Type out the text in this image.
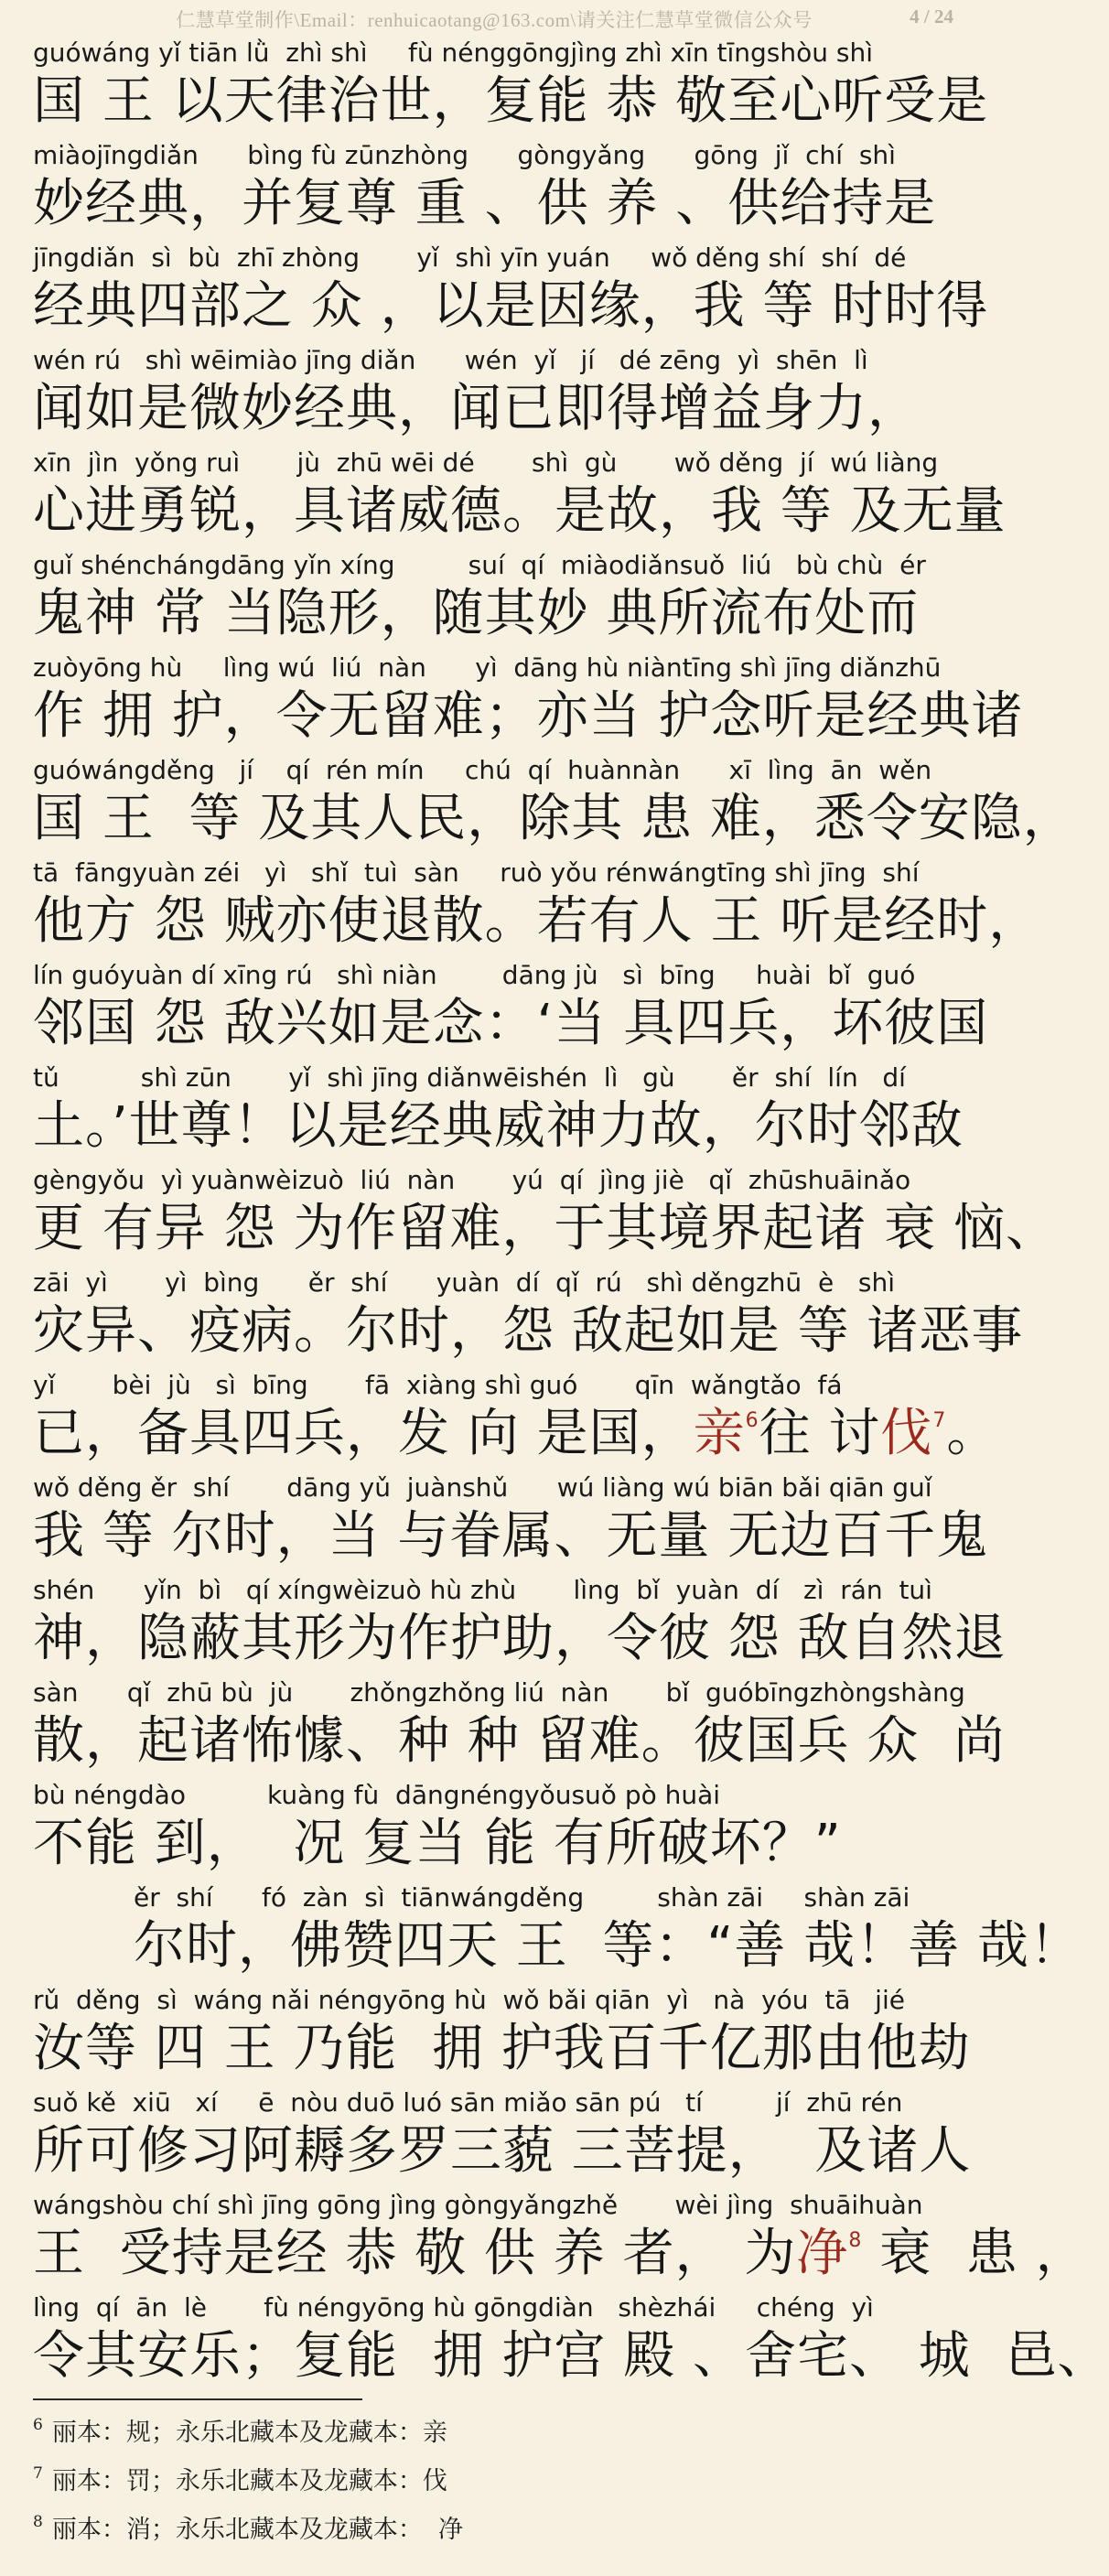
仁慧草堂制作\Email：renhuicaotang@163.com\请关注仁慧草堂微信公众号	4 / 24
guówáng yǐ tiān lǜ  zhì shì     fù nénggōngjìng zhì xīn tīngshòu shì
国 王 以天律治世，复能 恭 敬至心听受是
miàojīngdiǎn      bìng fù zūnzhòng      gòngyǎng      gōng  jǐ  chí  shì
妙经典，并复尊 重 、供 养 、供给持是
jīngdiǎn  sì  bù  zhī zhòng       yǐ  shì yīn yuán     wǒ děng shí  shí  dé
经典四部之 众 ，以是因缘，我 等 时时得
wén rú   shì wēimiào jīng diǎn      wén  yǐ   jí   dé zēng  yì  shēn  lì
闻如是微妙经典，闻已即得增益身力，
xīn  jìn  yǒng ruì       jù  zhū wēi dé       shì  gù       wǒ děng  jí  wú liàng
心进勇锐，具诸威德。是故，我 等 及无量
guǐ shénchángdāng yǐn xíng         suí  qí  miàodiǎnsuǒ  liú   bù chù  ér
鬼神 常 当隐形，随其妙 典所流布处而
zuòyōng hù     lìng wú  liú  nàn      yì  dāng hù niàntīng shì jīng diǎnzhū
作 拥 护，令无留难；亦当 护念听是经典诸
guówángděng   jí    qí  rén mín     chú  qí  huànnàn      xī  lìng  ān  wěn
国 王  等 及其人民，除其 患 难，悉令安隐，
tā  fāngyuàn zéi   yì   shǐ  tuì  sàn     ruò yǒu rénwángtīng shì jīng  shí
他方 怨 贼亦使退散。若有人 王 听是经时，
lín guóyuàn dí xīng rú   shì niàn        dāng jù   sì  bīng     huài  bǐ  guó
邻国 怨 敌兴如是念：‘当 具四兵，坏彼国
tǔ          shì zūn       yǐ  shì jīng diǎnwēishén  lì   gù       ěr  shí  lín   dí
土。’世尊！以是经典威神力故，尔时邻敌
gèngyǒu  yì yuànwèizuò  liú  nàn       yú  qí  jìng jiè   qǐ  zhūshuāinǎo
更 有异 怨 为作留难，于其境界起诸 衰 恼、
zāi  yì       yì  bìng      ěr  shí      yuàn  dí  qǐ  rú   shì děngzhū  è   shì
灾异、疫病。尔时，怨 敌起如是 等 诸恶事
yǐ       bèi  jù   sì  bīng       fā  xiàng shì guó       qīn  wǎngtǎo  fá
已，备具四兵，发 向 是国，亲$^6$往 讨伐$^7$。
wǒ děng ěr  shí       dāng yǔ  juànshǔ      wú liàng wú biān bǎi qiān guǐ
我 等 尔时，当 与眷属、无量 无边百千鬼
shén      yǐn  bì   qí xíngwèizuò hù zhù       lìng  bǐ  yuàn  dí   zì  rán  tuì
神，隐蔽其形为作护助，令彼 怨 敌自然退
sàn      qǐ  zhū bù  jù       zhǒngzhǒng liú  nàn       bǐ  guóbīngzhòngshàng
散，起诸怖懅、种 种 留难。彼国兵 众  尚
bù néngdào          kuàng fù  dāngnéngyǒusuǒ pò huài
不能 到，  况 复当 能 有所破坏？”
ěr  shí      fó  zàn  sì  tiānwángděng         shàn zāi     shàn zāi
尔时，佛赞四天 王  等：“善 哉！善 哉！
rǔ  děng  sì  wáng nǎi néngyōng hù  wǒ bǎi qiān  yì   nà  yóu  tā   jié
汝等 四 王 乃能  拥 护我百千亿那由他劫
suǒ kě  xiū   xí     ē  nòu duō luó sān miǎo sān pú   tí         jí  zhū rén
所可修习阿耨多罗三藐 三菩提，  及诸人
wángshòu chí shì jīng gōng jìng gòngyǎngzhě       wèi jìng  shuāihuàn
王  受持是经 恭 敬 供 养 者， 为净$^8$ 衰  患 ，
lìng  qí  ān  lè       fù néngyōng hù gōngdiàn   shèzhái     chéng  yì
令其安乐；复能  拥 护宫 殿 、舍宅、 城  邑、
$^6$ 丽本：规；永乐北藏本及龙藏本：亲
$^7$ 丽本：罚；永乐北藏本及龙藏本：伐
$^8$ 丽本：消；永乐北藏本及龙藏本：  净
